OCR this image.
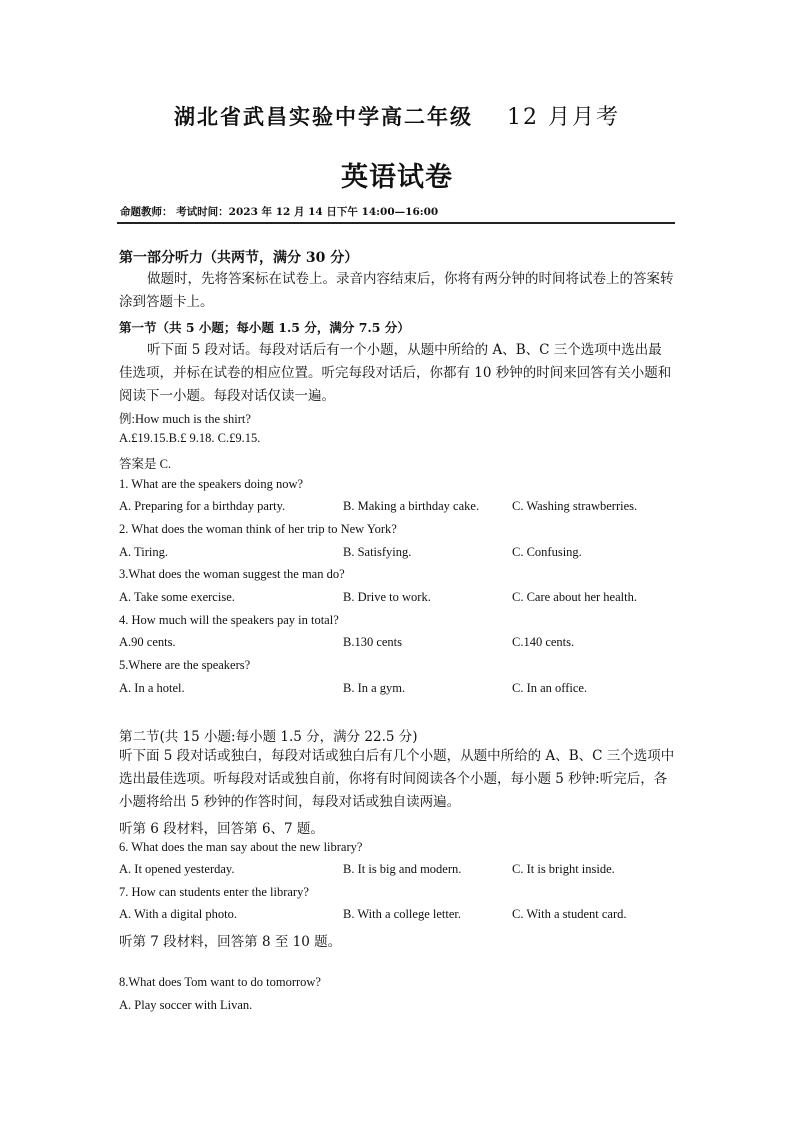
湖北省武昌实验中学高二年级 12 月月考
英语试卷
命题教师： 考试时间：2023 年 12 月 14 日下午 14:00—16:00
第一部分听力（共两节，满分 30 分）
做题时，先将答案标在试卷上。录音内容结束后，你将有两分钟的时间将试卷上的答案转涂到答题卡上。
第一节（共 5 小题；每小题 1.5 分，满分 7.5 分）
听下面 5 段对话。每段对话后有一个小题，从题中所给的 A、B、C 三个选项中选出最佳选项，并标在试卷的相应位置。听完每段对话后，你都有 10 秒钟的时间来回答有关小题和阅读下一小题。每段对话仅读一遍。
例:How much is the shirt?
A.£19.15.B.£ 9.18. C.£9.15.
答案是 C.
1. What are the speakers doing now?
A. Preparing for a birthday party.	B. Making a birthday cake.	C. Washing strawberries.
2. What does the woman think of her trip to New York?
A. Tiring.	B. Satisfying.	C. Confusing.
3.What does the woman suggest the man do?
A. Take some exercise.	B. Drive to work.	C. Care about her health.
4. How much will the speakers pay in total?
A.90 cents.	B.130 cents	C.140 cents.
5.Where are the speakers?
A. In a hotel.	B. In a gym.	C. In an office.
第二节(共 15 小题:每小题 1.5 分，满分 22.5 分)
听下面 5 段对话或独白，每段对话或独白后有几个小题，从题中所给的 A、B、C 三个选项中选出最佳选项。听每段对话或独自前，你将有时间阅读各个小题，每小题 5 秒钟:听完后，各小题将给出 5 秒钟的作答时间，每段对话或独自读两遍。
听第 6 段材料，回答第 6、7 题。
6. What does the man say about the new library?
A. It opened yesterday.	B. It is big and modern.	C. It is bright inside.
7. How can students enter the library?
A. With a digital photo.	B. With a college letter.	C. With a student card.
听第 7 段材料，回答第 8 至 10 题。
8.What does Tom want to do tomorrow?
A. Play soccer with Livan.
